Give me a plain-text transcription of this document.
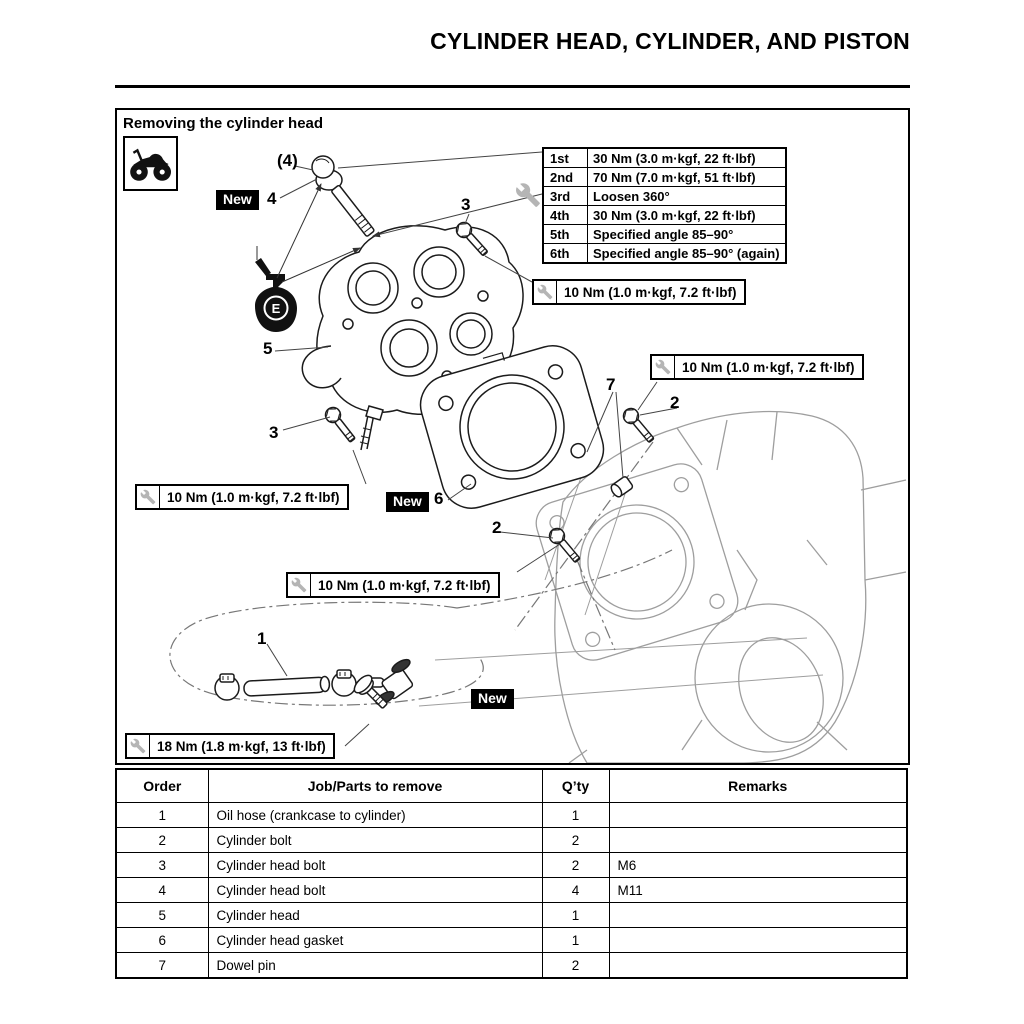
CYLINDER HEAD, CYLINDER, AND PISTON
Removing the cylinder head
E
1st	30 Nm (3.0 m·kgf, 22 ft·lbf)
2nd	70 Nm (7.0 m·kgf, 51 ft·lbf)
3rd	Loosen 360°
4th	30 Nm (3.0 m·kgf, 22 ft·lbf)
5th	Specified angle 85–90°
6th	Specified angle 85–90° (again)
10 Nm (1.0 m·kgf, 7.2 ft·lbf)
10 Nm (1.0 m·kgf, 7.2 ft·lbf)
10 Nm (1.0 m·kgf, 7.2 ft·lbf)
10 Nm (1.0 m·kgf, 7.2 ft·lbf)
18 Nm (1.8 m·kgf, 13 ft·lbf)
New
New
New
(4)
4	3
5
3
7
2
6
2
1
Order	Job/Parts to remove	Q’ty	Remarks
1	Oil hose (crankcase to cylinder)	1	
2	Cylinder bolt	2	
3	Cylinder head bolt	2	M6
4	Cylinder head bolt	4	M11
5	Cylinder head	1	
6	Cylinder head gasket	1	
7	Dowel pin	2	
